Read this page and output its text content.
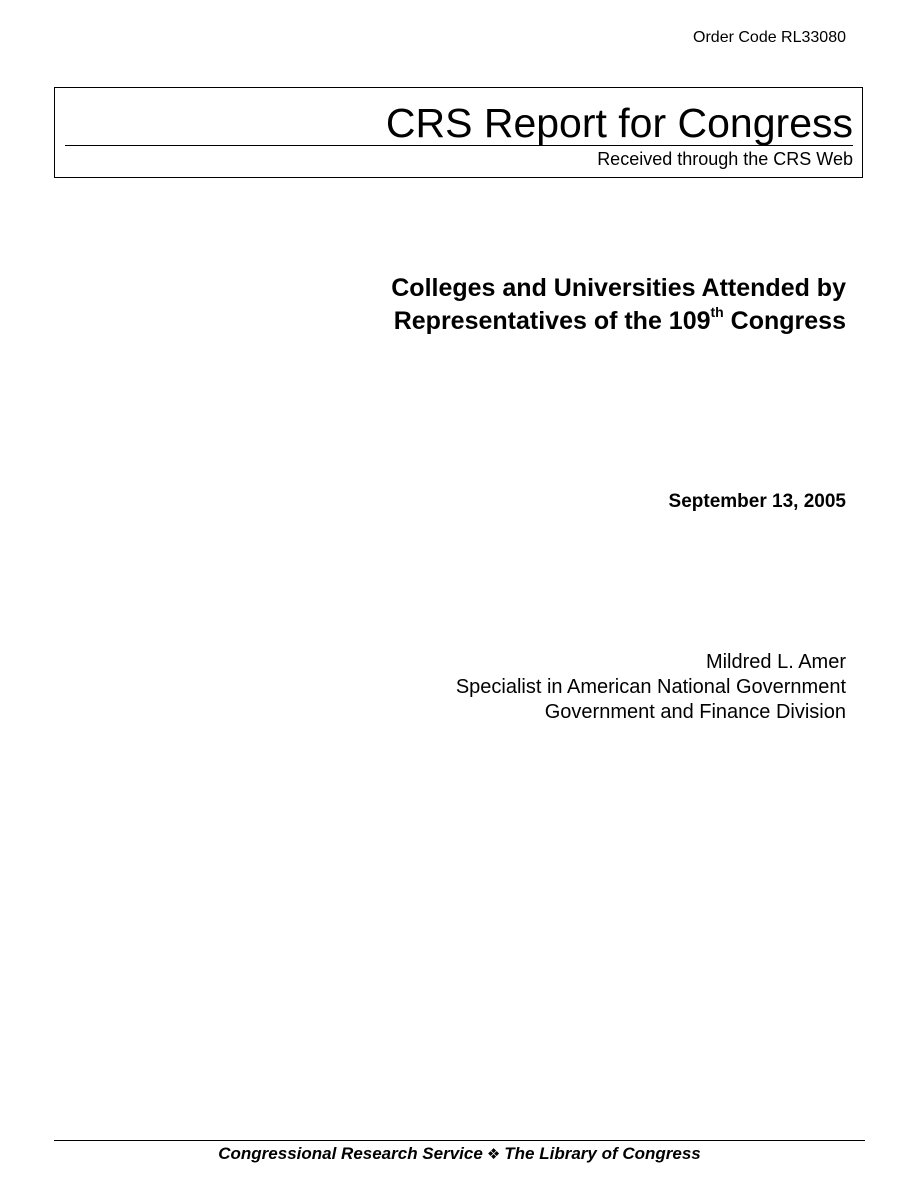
Order Code RL33080
CRS Report for Congress
Received through the CRS Web
Colleges and Universities Attended by
Representatives of the 109th Congress
September 13, 2005
Mildred L. Amer
Specialist in American National Government
Government and Finance Division
Congressional Research Service ❖ The Library of Congress
